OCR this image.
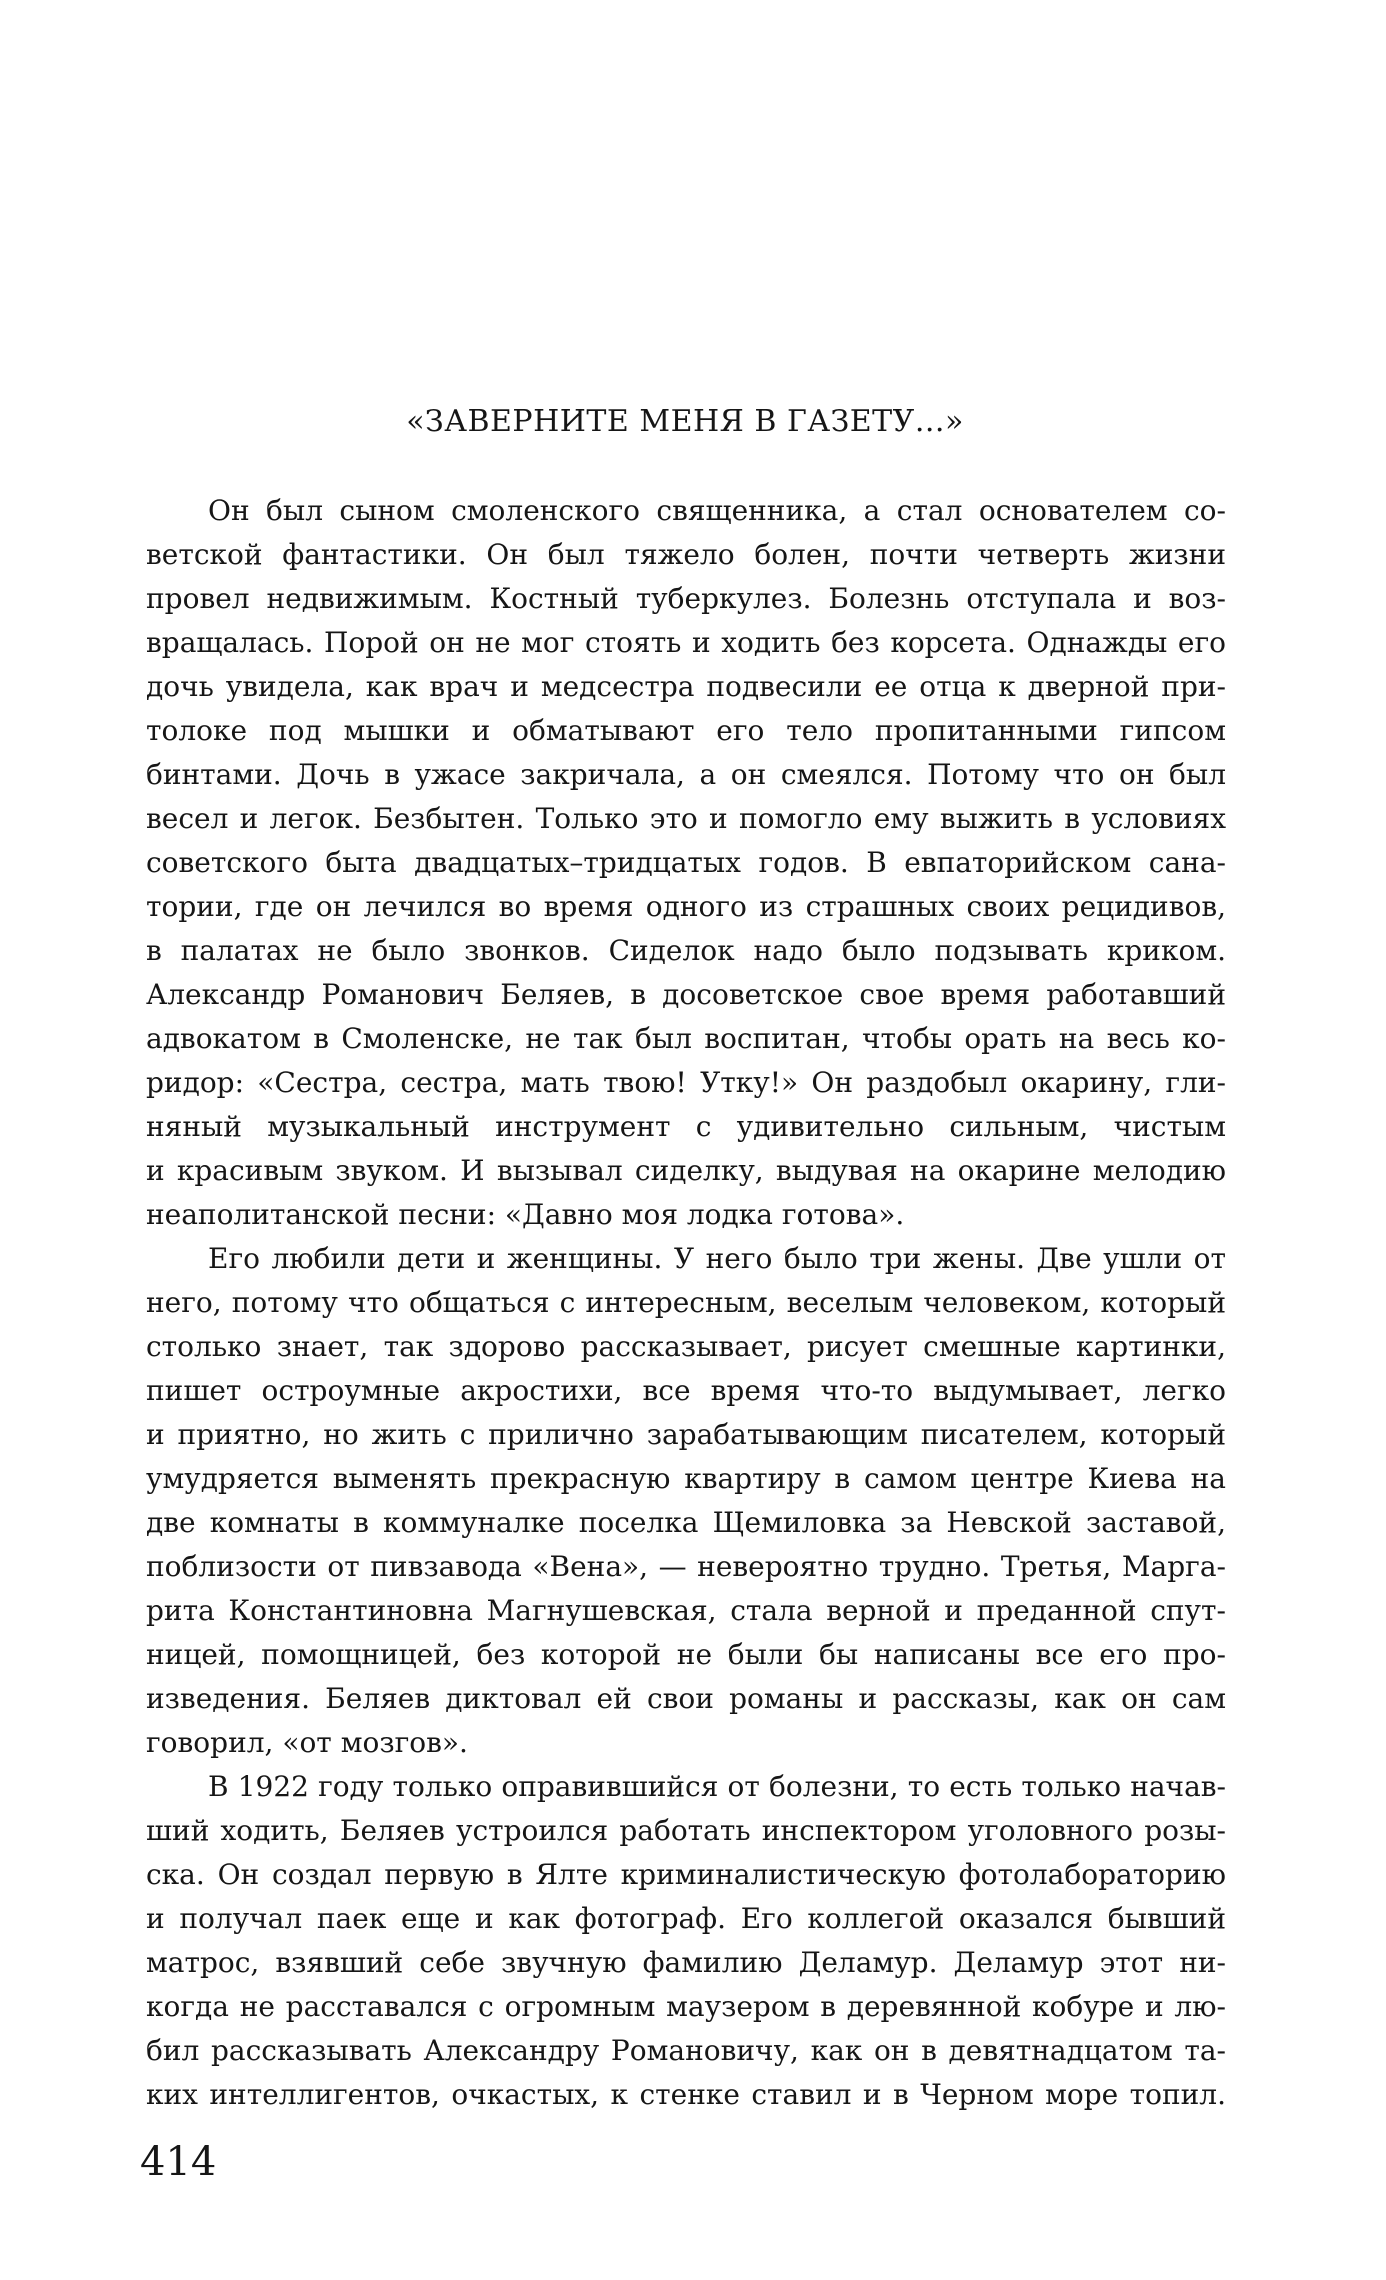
«ЗАВЕРНИТЕ МЕНЯ В ГАЗЕТУ...»
Он был сыном смоленского священника, а стал основателем со-
ветской фантастики. Он был тяжело болен, почти четверть жизни
провел недвижимым. Костный туберкулез. Болезнь отступала и воз-
вращалась. Порой он не мог стоять и ходить без корсета. Однажды его
дочь увидела, как врач и медсестра подвесили ее отца к дверной при-
толоке под мышки и обматывают его тело пропитанными гипсом
бинтами. Дочь в ужасе закричала, а он смеялся. Потому что он был
весел и легок. Безбытен. Только это и помогло ему выжить в условиях
советского быта двадцатых–тридцатых годов. В евпаторийском сана-
тории, где он лечился во время одного из страшных своих рецидивов,
в палатах не было звонков. Сиделок надо было подзывать криком.
Александр Романович Беляев, в досоветское свое время работавший
адвокатом в Смоленске, не так был воспитан, чтобы орать на весь ко-
ридор: «Сестра, сестра, мать твою! Утку!» Он раздобыл окарину, гли-
няный музыкальный инструмент с удивительно сильным, чистым
и красивым звуком. И вызывал сиделку, выдувая на окарине мелодию
неаполитанской песни: «Давно моя лодка готова».
Его любили дети и женщины. У него было три жены. Две ушли от
него, потому что общаться с интересным, веселым человеком, который
столько знает, так здорово рассказывает, рисует смешные картинки,
пишет остроумные акростихи, все время что-то выдумывает, легко
и приятно, но жить с прилично зарабатывающим писателем, который
умудряется выменять прекрасную квартиру в самом центре Киева на
две комнаты в коммуналке поселка Щемиловка за Невской заставой,
поблизости от пивзавода «Вена», — невероятно трудно. Третья, Марга-
рита Константиновна Магнушевская, стала верной и преданной спут-
ницей, помощницей, без которой не были бы написаны все его про-
изведения. Беляев диктовал ей свои романы и рассказы, как он сам
говорил, «от мозгов».
В 1922 году только оправившийся от болезни, то есть только начав-
ший ходить, Беляев устроился работать инспектором уголовного розы-
ска. Он создал первую в Ялте криминалистическую фотолабораторию
и получал паек еще и как фотограф. Его коллегой оказался бывший
матрос, взявший себе звучную фамилию Деламур. Деламур этот ни-
когда не расставался с огромным маузером в деревянной кобуре и лю-
бил рассказывать Александру Романовичу, как он в девятнадцатом та-
ких интеллигентов, очкастых, к стенке ставил и в Черном море топил.
414
